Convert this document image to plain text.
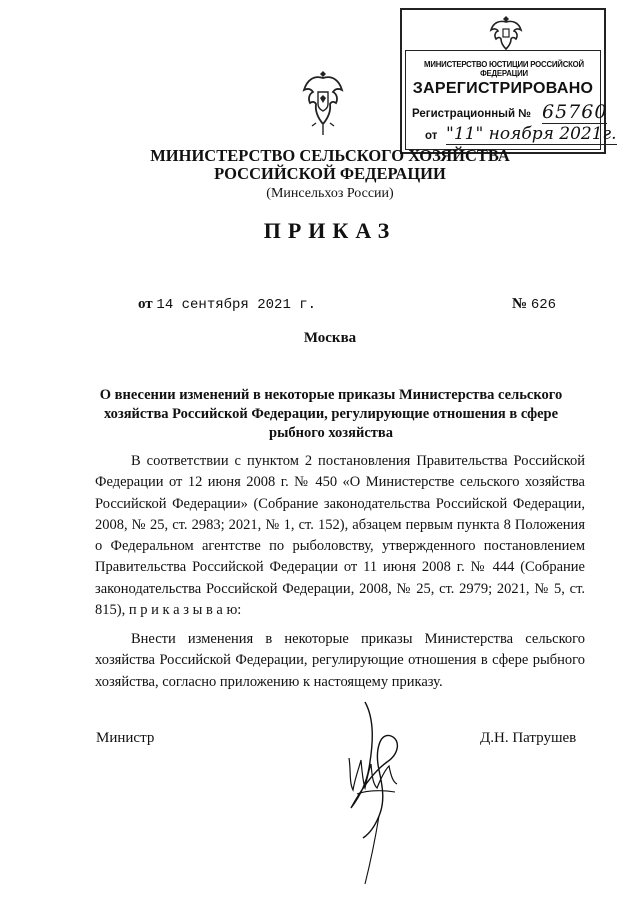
МИНИСТЕРСТВО ЮСТИЦИИ РОССИЙСКОЙ ФЕДЕРАЦИИ
ЗАРЕГИСТРИРОВАНО
Регистрационный № 65760
от "11" ноября 2021г.
МИНИСТЕРСТВО СЕЛЬСКОГО ХОЗЯЙСТВА
РОССИЙСКОЙ ФЕДЕРАЦИИ
(Минсельхоз России)
ПРИКАЗ
от 14 сентября 2021 г.	№ 626
Москва
О внесении изменений в некоторые приказы Министерства сельского хозяйства Российской Федерации, регулирующие отношения в сфере рыбного хозяйства
В соответствии с пунктом 2 постановления Правительства Российской Федерации от 12 июня 2008 г. № 450 «О Министерстве сельского хозяйства Российской Федерации» (Собрание законодательства Российской Федерации, 2008, № 25, ст. 2983; 2021, № 1, ст. 152), абзацем первым пункта 8 Положения о Федеральном агентстве по рыболовству, утвержденного постановлением Правительства Российской Федерации от 11 июня 2008 г. № 444 (Собрание законодательства Российской Федерации, 2008, № 25, ст. 2979; 2021, № 5, ст. 815), п р и к а з ы в а ю:
Внести изменения в некоторые приказы Министерства сельского хозяйства Российской Федерации, регулирующие отношения в сфере рыбного хозяйства, согласно приложению к настоящему приказу.
Министр	Д.Н. Патрушев
